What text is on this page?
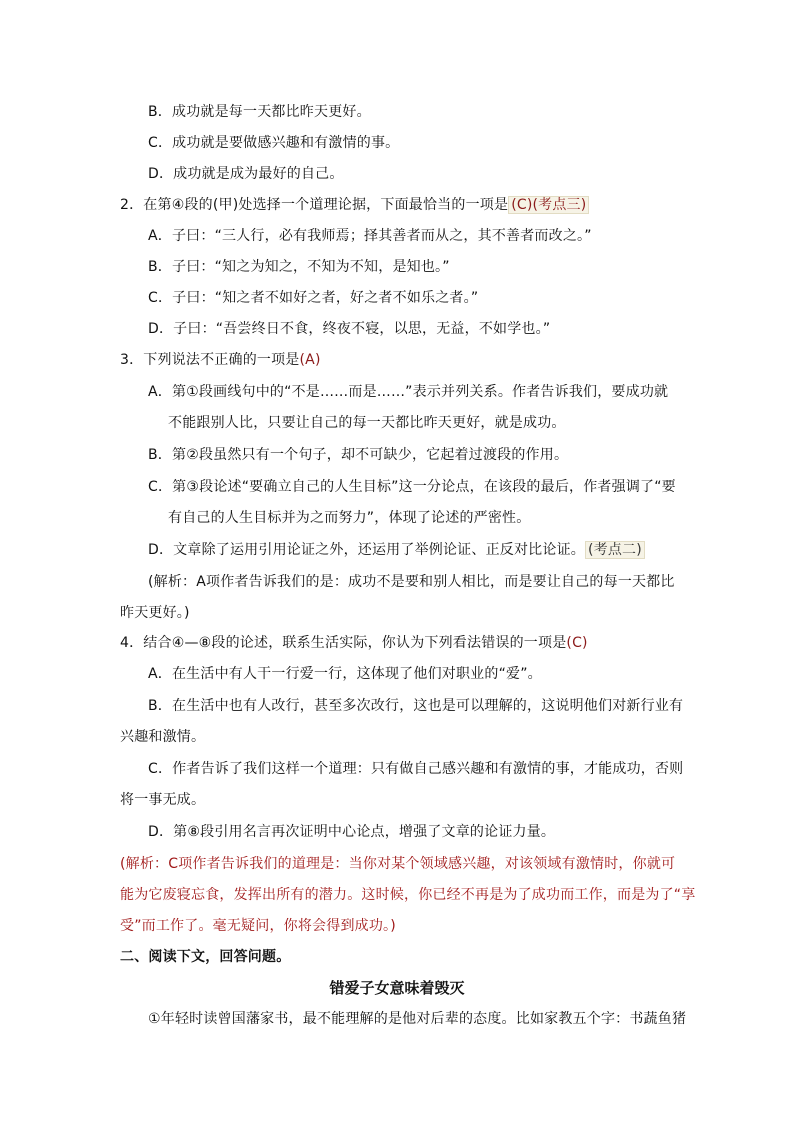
B．成功就是每一天都比昨天更好。
C．成功就是要做感兴趣和有激情的事。
D．成功就是成为最好的自己。
2．在第④段的(甲)处选择一个道理论据，下面最恰当的一项是 (C)(考点三)
A．子曰：“三人行，必有我师焉；择其善者而从之，其不善者而改之。”
B．子曰：“知之为知之，不知为不知，是知也。”
C．子曰：“知之者不如好之者，好之者不如乐之者。”
D．子曰：“吾尝终日不食，终夜不寝，以思，无益，不如学也。”
3．下列说法不正确的一项是(A)
A．第①段画线句中的“不是……而是……”表示并列关系。作者告诉我们，要成功就
不能跟别人比，只要让自己的每一天都比昨天更好，就是成功。
B．第②段虽然只有一个句子，却不可缺少，它起着过渡段的作用。
C．第③段论述“要确立自己的人生目标”这一分论点，在该段的最后，作者强调了“要
有自己的人生目标并为之而努力”，体现了论述的严密性。
D．文章除了运用引用论证之外，还运用了举例论证、正反对比论证。 (考点二)
(解析：A项作者告诉我们的是：成功不是要和别人相比，而是要让自己的每一天都比
昨天更好。)
4．结合④—⑧段的论述，联系生活实际，你认为下列看法错误的一项是(C)
A．在生活中有人干一行爱一行，这体现了他们对职业的“爱”。
B．在生活中也有人改行，甚至多次改行，这也是可以理解的，这说明他们对新行业有
兴趣和激情。
C．作者告诉了我们这样一个道理：只有做自己感兴趣和有激情的事，才能成功，否则
将一事无成。
D．第⑧段引用名言再次证明中心论点，增强了文章的论证力量。
(解析：C项作者告诉我们的道理是：当你对某个领域感兴趣，对该领域有激情时，你就可
能为它废寝忘食，发挥出所有的潜力。这时候，你已经不再是为了成功而工作，而是为了“享
受”而工作了。毫无疑问，你将会得到成功。)
二、阅读下文，回答问题。
错爱子女意味着毁灭
①年轻时读曾国藩家书，最不能理解的是他对后辈的态度。比如家教五个字：书蔬鱼猪
